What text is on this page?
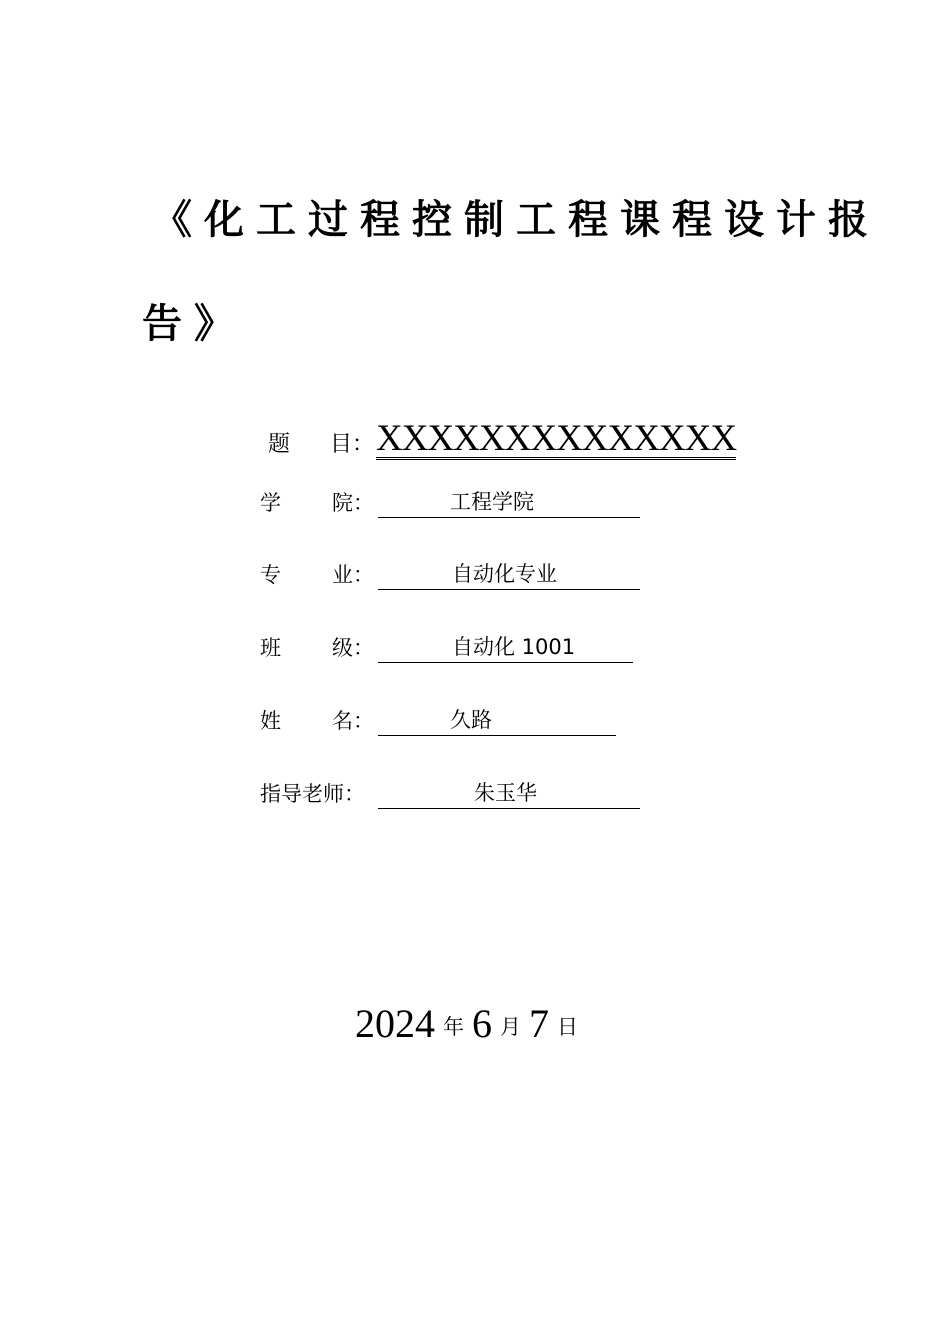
《化工过程控制工程课程设计报
告》
题 目： XXXXXXXXXXXXXX
学 院：	工程学院
专 业：	自动化专业
班 级：	自动化 1001
姓 名：	久路
指导老师：	朱玉华
2024 年 6 月 7 日
